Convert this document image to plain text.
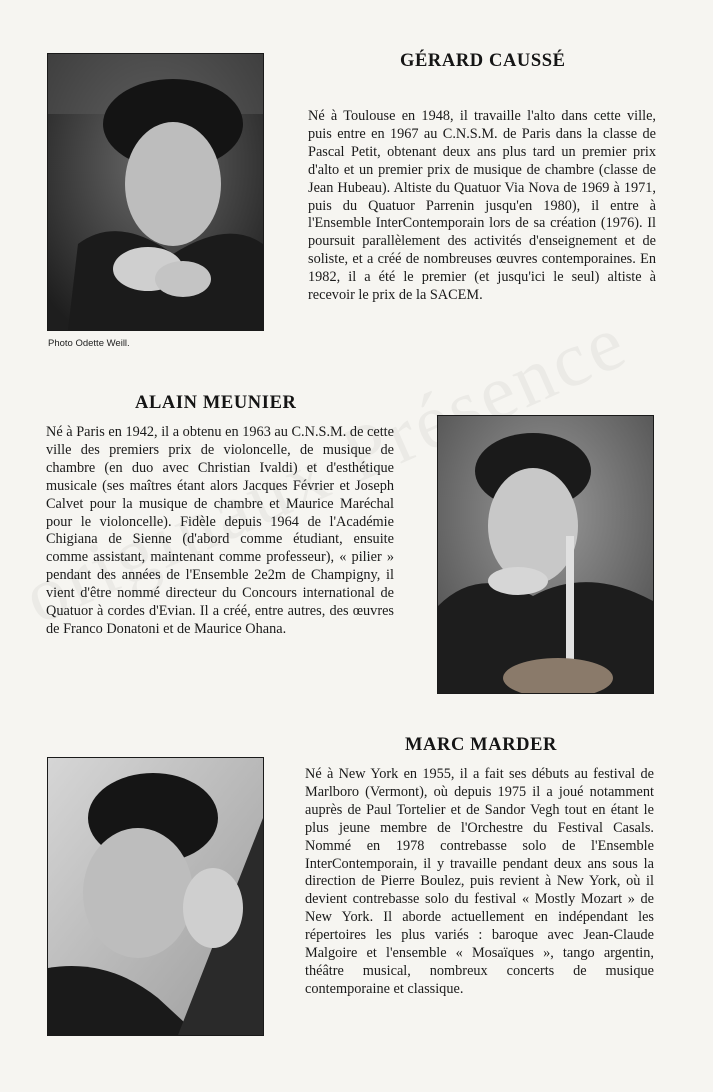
Photo Odette Weill.

GÉRARD CAUSSÉ

Né à Toulouse en 1948, il travaille l'alto dans cette ville, puis entre en 1967 au C.N.S.M. de Paris dans la classe de Pascal Petit, obtenant deux ans plus tard un premier prix d'alto et un premier prix de musique de chambre (classe de Jean Hubeau). Altiste du Quatuor Via Nova de 1969 à 1971, puis du Quatuor Parrenin jusqu'en 1980), il entre à l'Ensemble InterContemporain lors de sa création (1976). Il poursuit parallèlement des activités d'enseignement et de soliste, et a créé de nombreuses œuvres contemporaines. En 1982, il a été le premier (et jusqu'ici le seul) altiste à recevoir le prix de la SACEM.

ALAIN MEUNIER

Né à Paris en 1942, il a obtenu en 1963 au C.N.S.M. de cette ville des premiers prix de violoncelle, de musique de chambre (en duo avec Christian Ivaldi) et d'esthétique musicale (ses maîtres étant alors Jacques Février et Joseph Calvet pour la musique de chambre et Maurice Maréchal pour le violoncelle). Fidèle depuis 1964 de l'Académie Chigiana de Sienne (d'abord comme étudiant, ensuite comme assistant, maintenant comme professeur), « pilier » pendant des années de l'Ensemble 2e2m de Champigny, il vient d'être nommé directeur du Concours international de Quatuor à cordes d'Evian. Il a créé, entre autres, des œuvres de Franco Donatoni et de Maurice Ohana.

MARC MARDER

Né à New York en 1955, il a fait ses débuts au festival de Marlboro (Vermont), où depuis 1975 il a joué notamment auprès de Paul Tortelier et de Sandor Vegh tout en étant le plus jeune membre de l'Orchestre du Festival Casals. Nommé en 1978 contrebasse solo de l'Ensemble InterContemporain, il y travaille pendant deux ans sous la direction de Pierre Boulez, puis revient à New York, où il devient contrebasse solo du festival « Mostly Mozart » de New York. Il aborde actuellement en indépendant les répertoires les plus variés : baroque avec Jean-Claude Malgoire et l'ensemble « Mosaïques », tango argentin, théâtre musical, nombreux concerts de musique contemporaine et classique.
